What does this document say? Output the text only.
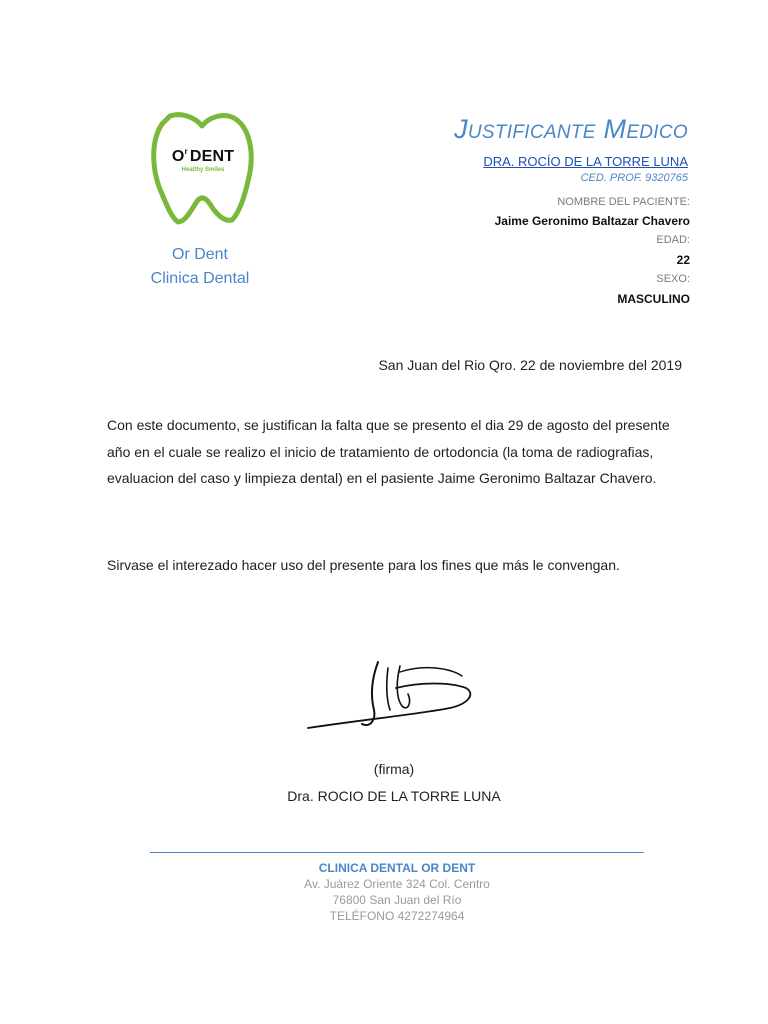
$O^r$ DENT
Healthy Smiles
Or Dent
Clinica Dental
Justificante Medico
DRA. ROCÍO DE LA TORRE LUNA
CED. PROF. 9320765
NOMBRE DEL PACIENTE:
Jaime Geronimo Baltazar Chavero
EDAD:
22
SEXO:
MASCULINO
San Juan del Rio Qro. 22 de noviembre del 2019
Con este documento, se justifican la falta que se presento el dia 29 de agosto del presente año en el cuale se realizo el inicio de tratamiento de ortodoncia (la toma de radiografias, evaluacion del caso y limpieza dental) en el pasiente Jaime Geronimo Baltazar Chavero.
Sirvase el interezado hacer uso del presente para los fines que más le convengan.
(firma)
Dra. ROCIO DE LA TORRE LUNA
CLINICA DENTAL OR DENT
Av. Juárez Oriente 324 Col. Centro
76800 San Juan del Río
TELÉFONO 4272274964
